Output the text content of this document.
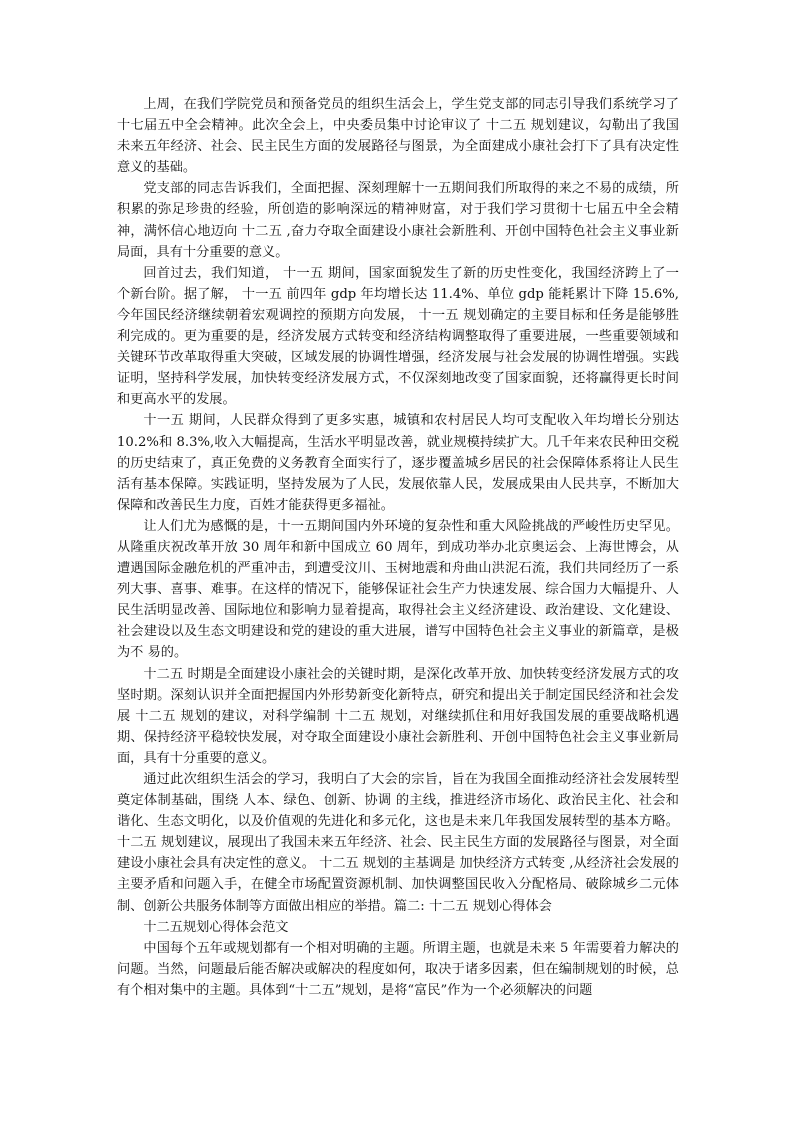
上周，在我们学院党员和预备党员的组织生活会上，学生党支部的同志引导我们系统学习了十七届五中全会精神。此次全会上，中央委员集中讨论审议了 十二五 规划建议，勾勒出了我国未来五年经济、社会、民主民生方面的发展路径与图景，为全面建成小康社会打下了具有决定性意义的基础。

党支部的同志告诉我们，全面把握、深刻理解十一五期间我们所取得的来之不易的成绩，所积累的弥足珍贵的经验，所创造的影响深远的精神财富，对于我们学习贯彻十七届五中全会精神，满怀信心地迈向 十二五 ,奋力夺取全面建设小康社会新胜利、开创中国特色社会主义事业新局面，具有十分重要的意义。

回首过去，我们知道， 十一五 期间，国家面貌发生了新的历史性变化，我国经济跨上了一个新台阶。据了解， 十一五 前四年 gdp 年均增长达 11.4%、单位 gdp 能耗累计下降 15.6%,今年国民经济继续朝着宏观调控的预期方向发展， 十一五 规划确定的主要目标和任务是能够胜利完成的。更为重要的是，经济发展方式转变和经济结构调整取得了重要进展，一些重要领域和关键环节改革取得重大突破，区域发展的协调性增强，经济发展与社会发展的协调性增强。实践证明，坚持科学发展，加快转变经济发展方式，不仅深刻地改变了国家面貌，还将赢得更长时间和更高水平的发展。

十一五 期间，人民群众得到了更多实惠，城镇和农村居民人均可支配收入年均增长分别达 10.2%和 8.3%,收入大幅提高，生活水平明显改善，就业规模持续扩大。几千年来农民种田交税的历史结束了，真正免费的义务教育全面实行了，逐步覆盖城乡居民的社会保障体系将让人民生活有基本保障。实践证明，坚持发展为了人民，发展依靠人民，发展成果由人民共享，不断加大保障和改善民生力度，百姓才能获得更多福祉。

让人们尤为感慨的是，十一五期间国内外环境的复杂性和重大风险挑战的严峻性历史罕见。从隆重庆祝改革开放 30 周年和新中国成立 60 周年，到成功举办北京奥运会、上海世博会，从遭遇国际金融危机的严重冲击，到遭受汶川、玉树地震和舟曲山洪泥石流，我们共同经历了一系列大事、喜事、难事。在这样的情况下，能够保证社会生产力快速发展、综合国力大幅提升、人民生活明显改善、国际地位和影响力显着提高，取得社会主义经济建设、政治建设、文化建设、社会建设以及生态文明建设和党的建设的重大进展，谱写中国特色社会主义事业的新篇章，是极为不 易的。

十二五 时期是全面建设小康社会的关键时期，是深化改革开放、加快转变经济发展方式的攻坚时期。深刻认识并全面把握国内外形势新变化新特点，研究和提出关于制定国民经济和社会发展 十二五 规划的建议，对科学编制 十二五 规划，对继续抓住和用好我国发展的重要战略机遇期、保持经济平稳较快发展，对夺取全面建设小康社会新胜利、开创中国特色社会主义事业新局面，具有十分重要的意义。

通过此次组织生活会的学习，我明白了大会的宗旨，旨在为我国全面推动经济社会发展转型奠定体制基础，围绕 人本、绿色、创新、协调 的主线，推进经济市场化、政治民主化、社会和谐化、生态文明化，以及价值观的先进化和多元化，这也是未来几年我国发展转型的基本方略。 十二五 规划建议，展现出了我国未来五年经济、社会、民主民生方面的发展路径与图景，对全面建设小康社会具有决定性的意义。 十二五 规划的主基调是 加快经济方式转变 ,从经济社会发展的主要矛盾和问题入手，在健全市场配置资源机制、加快调整国民收入分配格局、破除城乡二元体制、创新公共服务体制等方面做出相应的举措。篇二: 十二五 规划心得体会

十二五规划心得体会范文

中国每个五年或规划都有一个相对明确的主题。所谓主题，也就是未来 5 年需要着力解决的问题。当然，问题最后能否解决或解决的程度如何，取决于诸多因素，但在编制规划的时候，总有个相对集中的主题。具体到“十二五”规划，是将“富民”作为一个必须解决的问题
